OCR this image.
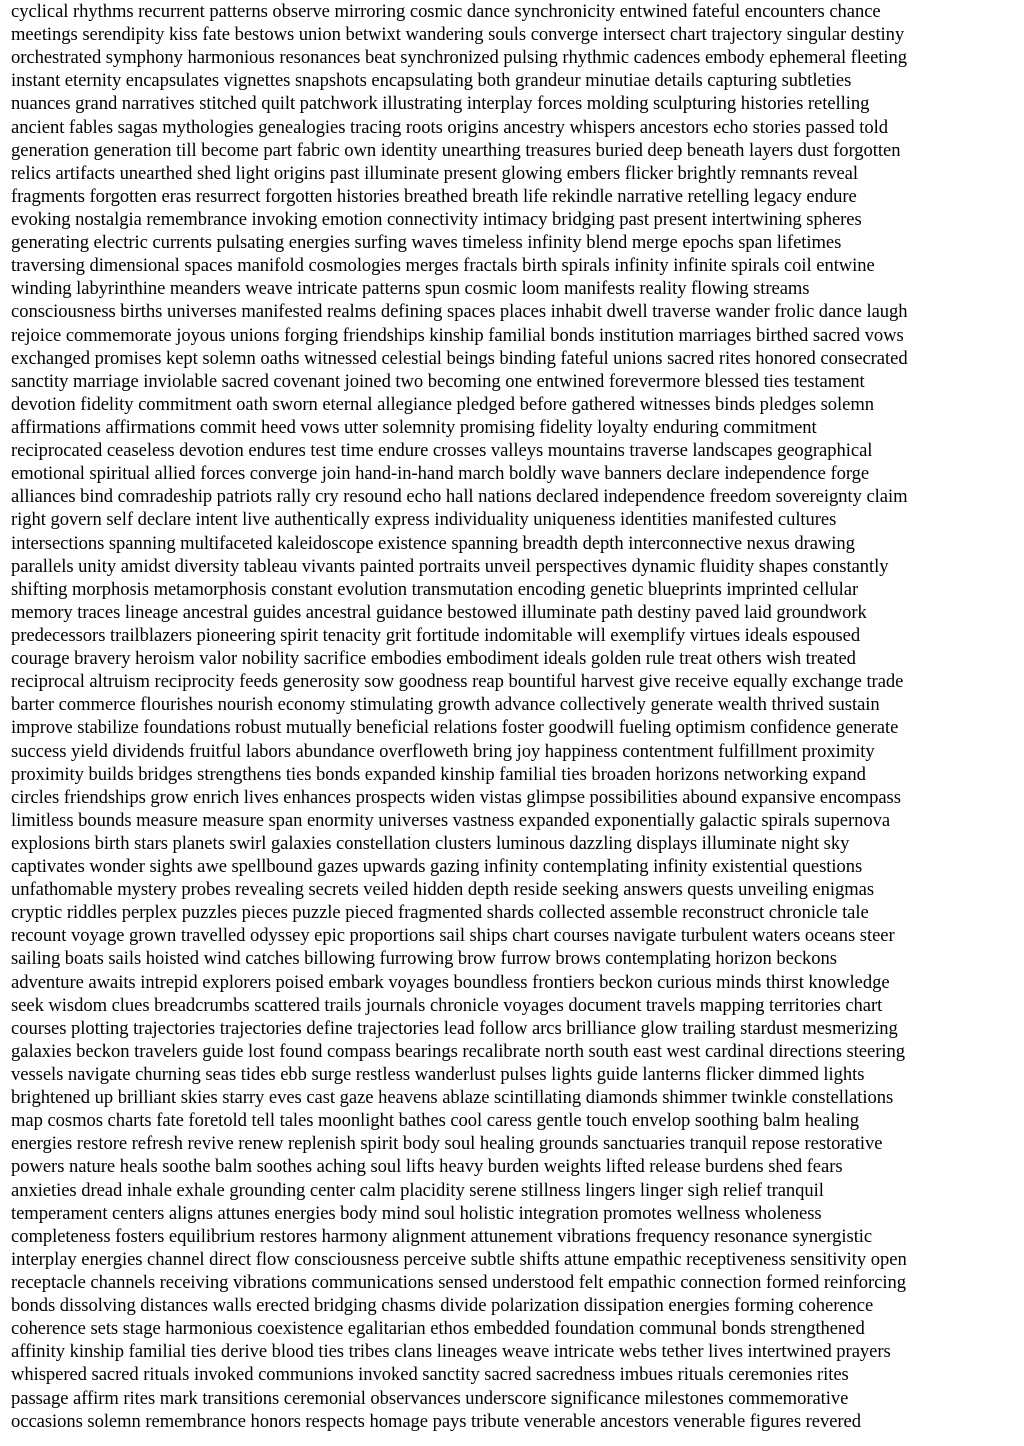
cyclical rhythms recurrent patterns observe mirroring cosmic dance synchronicity entwined fateful encounters chance
meetings serendipity kiss fate bestows union betwixt wandering souls converge intersect chart trajectory singular destiny
orchestrated symphony harmonious resonances beat synchronized pulsing rhythmic cadences embody ephemeral fleeting
instant eternity encapsulates vignettes snapshots encapsulating both grandeur minutiae details capturing subtleties
nuances grand narratives stitched quilt patchwork illustrating interplay forces molding sculpturing histories retelling
ancient fables sagas mythologies genealogies tracing roots origins ancestry whispers ancestors echo stories passed told
generation generation till become part fabric own identity unearthing treasures buried deep beneath layers dust forgotten
relics artifacts unearthed shed light origins past illuminate present glowing embers flicker brightly remnants reveal
fragments forgotten eras resurrect forgotten histories breathed breath life rekindle narrative retelling legacy endure
evoking nostalgia remembrance invoking emotion connectivity intimacy bridging past present intertwining spheres
generating electric currents pulsating energies surfing waves timeless infinity blend merge epochs span lifetimes
traversing dimensional spaces manifold cosmologies merges fractals birth spirals infinity infinite spirals coil entwine
winding labyrinthine meanders weave intricate patterns spun cosmic loom manifests reality flowing streams
consciousness births universes manifested realms defining spaces places inhabit dwell traverse wander frolic dance laugh
rejoice commemorate joyous unions forging friendships kinship familial bonds institution marriages birthed sacred vows
exchanged promises kept solemn oaths witnessed celestial beings binding fateful unions sacred rites honored consecrated
sanctity marriage inviolable sacred covenant joined two becoming one entwined forevermore blessed ties testament
devotion fidelity commitment oath sworn eternal allegiance pledged before gathered witnesses binds pledges solemn
affirmations affirmations commit heed vows utter solemnity promising fidelity loyalty enduring commitment
reciprocated ceaseless devotion endures test time endure crosses valleys mountains traverse landscapes geographical
emotional spiritual allied forces converge join hand-in-hand march boldly wave banners declare independence forge
alliances bind comradeship patriots rally cry resound echo hall nations declared independence freedom sovereignty claim
right govern self declare intent live authentically express individuality uniqueness identities manifested cultures
intersections spanning multifaceted kaleidoscope existence spanning breadth depth interconnective nexus drawing
parallels unity amidst diversity tableau vivants painted portraits unveil perspectives dynamic fluidity shapes constantly
shifting morphosis metamorphosis constant evolution transmutation encoding genetic blueprints imprinted cellular
memory traces lineage ancestral guides ancestral guidance bestowed illuminate path destiny paved laid groundwork
predecessors trailblazers pioneering spirit tenacity grit fortitude indomitable will exemplify virtues ideals espoused
courage bravery heroism valor nobility sacrifice embodies embodiment ideals golden rule treat others wish treated
reciprocal altruism reciprocity feeds generosity sow goodness reap bountiful harvest give receive equally exchange trade
barter commerce flourishes nourish economy stimulating growth advance collectively generate wealth thrived sustain
improve stabilize foundations robust mutually beneficial relations foster goodwill fueling optimism confidence generate
success yield dividends fruitful labors abundance overfloweth bring joy happiness contentment fulfillment proximity
proximity builds bridges strengthens ties bonds expanded kinship familial ties broaden horizons networking expand
circles friendships grow enrich lives enhances prospects widen vistas glimpse possibilities abound expansive encompass
limitless bounds measure measure span enormity universes vastness expanded exponentially galactic spirals supernova
explosions birth stars planets swirl galaxies constellation clusters luminous dazzling displays illuminate night sky
captivates wonder sights awe spellbound gazes upwards gazing infinity contemplating infinity existential questions
unfathomable mystery probes revealing secrets veiled hidden depth reside seeking answers quests unveiling enigmas
cryptic riddles perplex puzzles pieces puzzle pieced fragmented shards collected assemble reconstruct chronicle tale
recount voyage grown travelled odyssey epic proportions sail ships chart courses navigate turbulent waters oceans steer
sailing boats sails hoisted wind catches billowing furrowing brow furrow brows contemplating horizon beckons
adventure awaits intrepid explorers poised embark voyages boundless frontiers beckon curious minds thirst knowledge
seek wisdom clues breadcrumbs scattered trails journals chronicle voyages document travels mapping territories chart
courses plotting trajectories trajectories define trajectories lead follow arcs brilliance glow trailing stardust mesmerizing
galaxies beckon travelers guide lost found compass bearings recalibrate north south east west cardinal directions steering
vessels navigate churning seas tides ebb surge restless wanderlust pulses lights guide lanterns flicker dimmed lights
brightened up brilliant skies starry eves cast gaze heavens ablaze scintillating diamonds shimmer twinkle constellations
map cosmos charts fate foretold tell tales moonlight bathes cool caress gentle touch envelop soothing balm healing
energies restore refresh revive renew replenish spirit body soul healing grounds sanctuaries tranquil repose restorative
powers nature heals soothe balm soothes aching soul lifts heavy burden weights lifted release burdens shed fears
anxieties dread inhale exhale grounding center calm placidity serene stillness lingers linger sigh relief tranquil
temperament centers aligns attunes energies body mind soul holistic integration promotes wellness wholeness
completeness fosters equilibrium restores harmony alignment attunement vibrations frequency resonance synergistic
interplay energies channel direct flow consciousness perceive subtle shifts attune empathic receptiveness sensitivity open
receptacle channels receiving vibrations communications sensed understood felt empathic connection formed reinforcing
bonds dissolving distances walls erected bridging chasms divide polarization dissipation energies forming coherence
coherence sets stage harmonious coexistence egalitarian ethos embedded foundation communal bonds strengthened
affinity kinship familial ties derive blood ties tribes clans lineages weave intricate webs tether lives intertwined prayers
whispered sacred rituals invoked communions invoked sanctity sacred sacredness imbues rituals ceremonies rites
passage affirm rites mark transitions ceremonial observances underscore significance milestones commemorative
occasions solemn remembrance honors respects homage pays tribute venerable ancestors venerable figures revered
